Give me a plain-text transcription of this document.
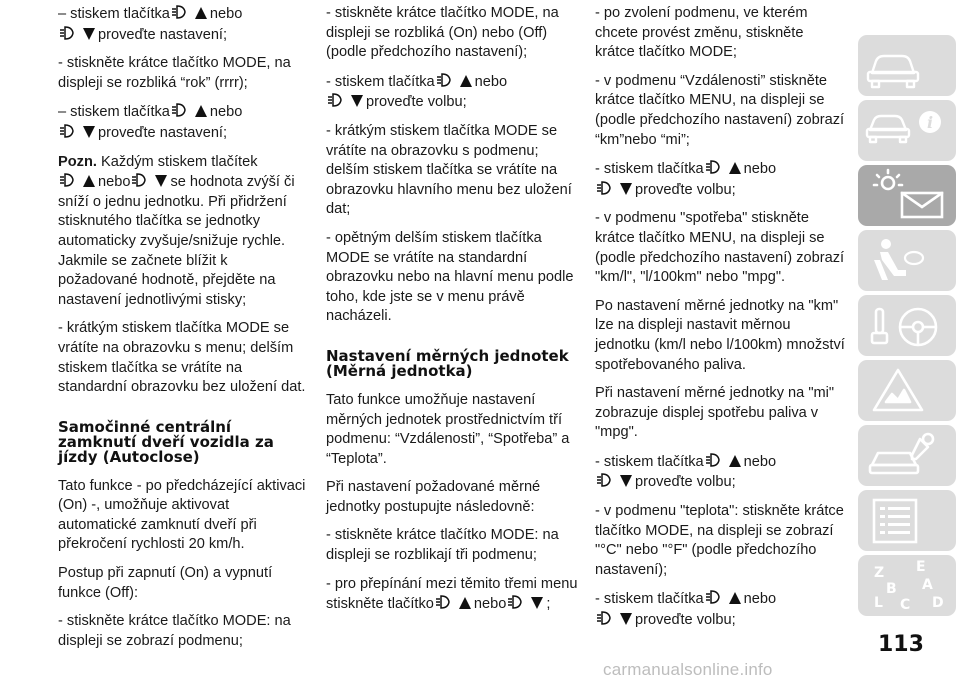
– stiskem tlačítka	nebo

proveďte nastavení;
- stiskněte krátce tlačítko MODE, na displeji se rozbliká “rok” (rrrr);
– stiskem tlačítka	nebo

proveďte nastavení;
Pozn. Každým stiskem tlačítek

nebo	se hodnota zvýší či sníží o jednu jednotku. Při přidržení stisknutého tlačítka se jednotky automaticky zvyšuje/snižuje rychle. Jakmile se začnete blížit k požadované hodnotě, přejděte na nastavení jednotlivými stisky;
- krátkým stiskem tlačítka MODE se vrátíte na obrazovku s menu; delším stiskem tlačítka se vrátíte na standardní obrazovku bez uložení dat.
Samočinné centrální zamknutí dveří vozidla za jízdy (Autoclose)
Tato funkce - po předcházející aktivaci (On) -, umožňuje aktivovat automatické zamknutí dveří při překročení rychlosti 20 km/h.
Postup při zapnutí (On) a vypnutí funkce (Off):
- stiskněte krátce tlačítko MODE: na displeji se zobrazí podmenu;
- stiskněte krátce tlačítko MODE, na displeji se rozbliká (On) nebo (Off) (podle předchozího nastavení);
- stiskem tlačítka	nebo

proveďte volbu;
- krátkým stiskem tlačítka MODE se vrátíte na obrazovku s podmenu; delším stiskem tlačítka se vrátíte na obrazovku hlavního menu bez uložení dat;
- opětným delším stiskem tlačítka MODE se vrátíte na standardní obrazovku nebo na hlavní menu podle toho, kde jste se v menu právě nacházeli.
Nastavení měrných jednotek (Měrná jednotka)
Tato funkce umožňuje nastavení měrných jednotek prostřednictvím tří podmenu: “Vzdálenosti”, “Spotřeba” a “Teplota”.
Při nastavení požadované měrné jednotky postupujte následovně:
- stiskněte krátce tlačítko MODE: na displeji se rozblikají tři podmenu;
- pro přepínání mezi těmito třemi menu stiskněte tlačítko	nebo	;
- po zvolení podmenu, ve kterém chcete provést změnu, stiskněte krátce tlačítko MODE;
- v podmenu “Vzdálenosti” stiskněte krátce tlačítko MENU, na displeji se (podle předchozího nastavení) zobrazí “km”nebo “mi”;
- stiskem tlačítka	nebo

proveďte volbu;
- v podmenu "spotřeba" stiskněte krátce tlačítko MENU, na displeji se (podle předchozího nastavení) zobrazí "km/l", "l/100km" nebo "mpg".
Po nastavení měrné jednotky na "km" lze na displeji nastavit měrnou jednotku (km/l nebo l/100km) množství spotřebovaného paliva.
Při nastavení měrné jednotky na "mi" zobrazuje displej spotřebu paliva v "mpg".
- stiskem tlačítka	nebo

proveďte volbu;
- v podmenu "teplota": stiskněte krátce tlačítko MODE, na displeji se zobrazí "°C" nebo "°F" (podle předchozího nastavení);
- stiskem tlačítka	nebo

proveďte volbu;
i
Z E
B A
L C D
113
carmanualsonline.info
